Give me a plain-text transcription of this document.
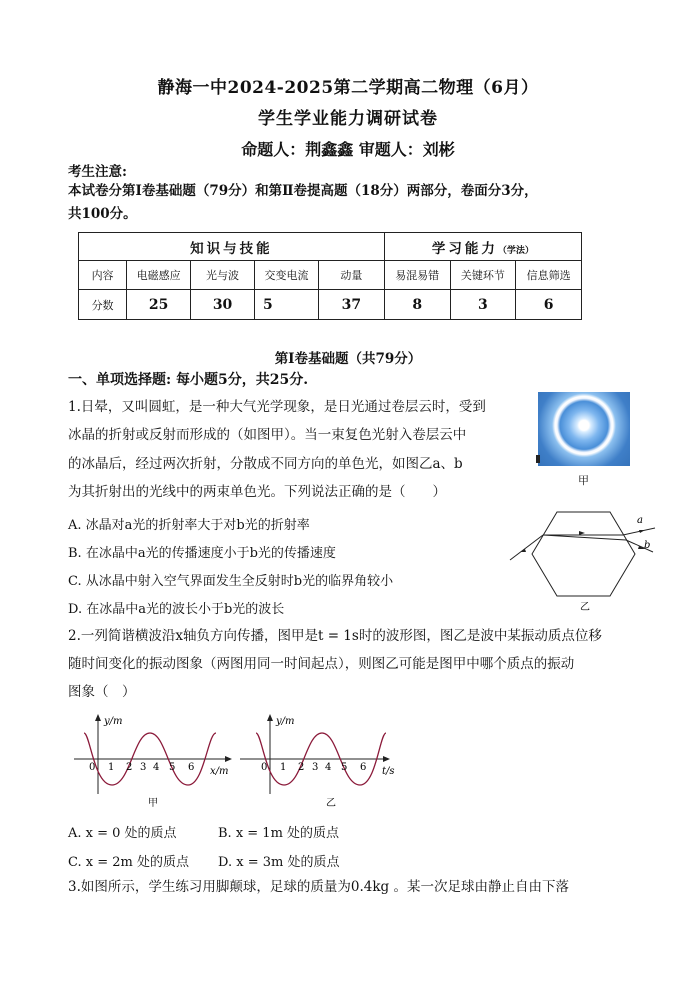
静海一中2024-2025第二学期高二物理（6月）
学生学业能力调研试卷
命题人：荆鑫鑫 审题人：刘彬
考生注意:
本试卷分第Ⅰ卷基础题（79分）和第Ⅱ卷提高题（18分）两部分，卷面分3分，
共100分。
知识与技能					学习能力（学法）		
内容	电磁感应	光与波	交变电流	动量	易混易错	关键环节	信息筛选
分数	25	30	5	37	8	3	6
第Ⅰ卷基础题（共79分）
一、单项选择题: 每小题5分，共25分.
1.日晕，又叫圆虹，是一种大气光学现象，是日光通过卷层云时，受到
冰晶的折射或反射而形成的（如图甲）。当一束复色光射入卷层云中
的冰晶后，经过两次折射，分散成不同方向的单色光，如图乙a、b
为其折射出的光线中的两束单色光。下列说法正确的是（　　）
A. 冰晶对a光的折射率大于对b光的折射率
B. 在冰晶中a光的传播速度小于b光的传播速度
C. 从冰晶中射入空气界面发生全反射时b光的临界角较小
D. 在冰晶中a光的波长小于b光的波长
甲
a
b
乙
2.一列简谐横波沿x轴负方向传播，图甲是t = 1s时的波形图，图乙是波中某振动质点位移
随时间变化的振动图象（两图用同一时间起点），则图乙可能是图甲中哪个质点的振动
图象（　）
y/m
x/m
0 1 2 3 4 5 6
甲
y/m
t/s
0 1 2 3 4 5 6
乙
A. x = 0 处的质点	B. x = 1m 处的质点
C. x = 2m 处的质点 D. x = 3m 处的质点
3.如图所示，学生练习用脚颠球，足球的质量为0.4kg 。某一次足球由静止自由下落
